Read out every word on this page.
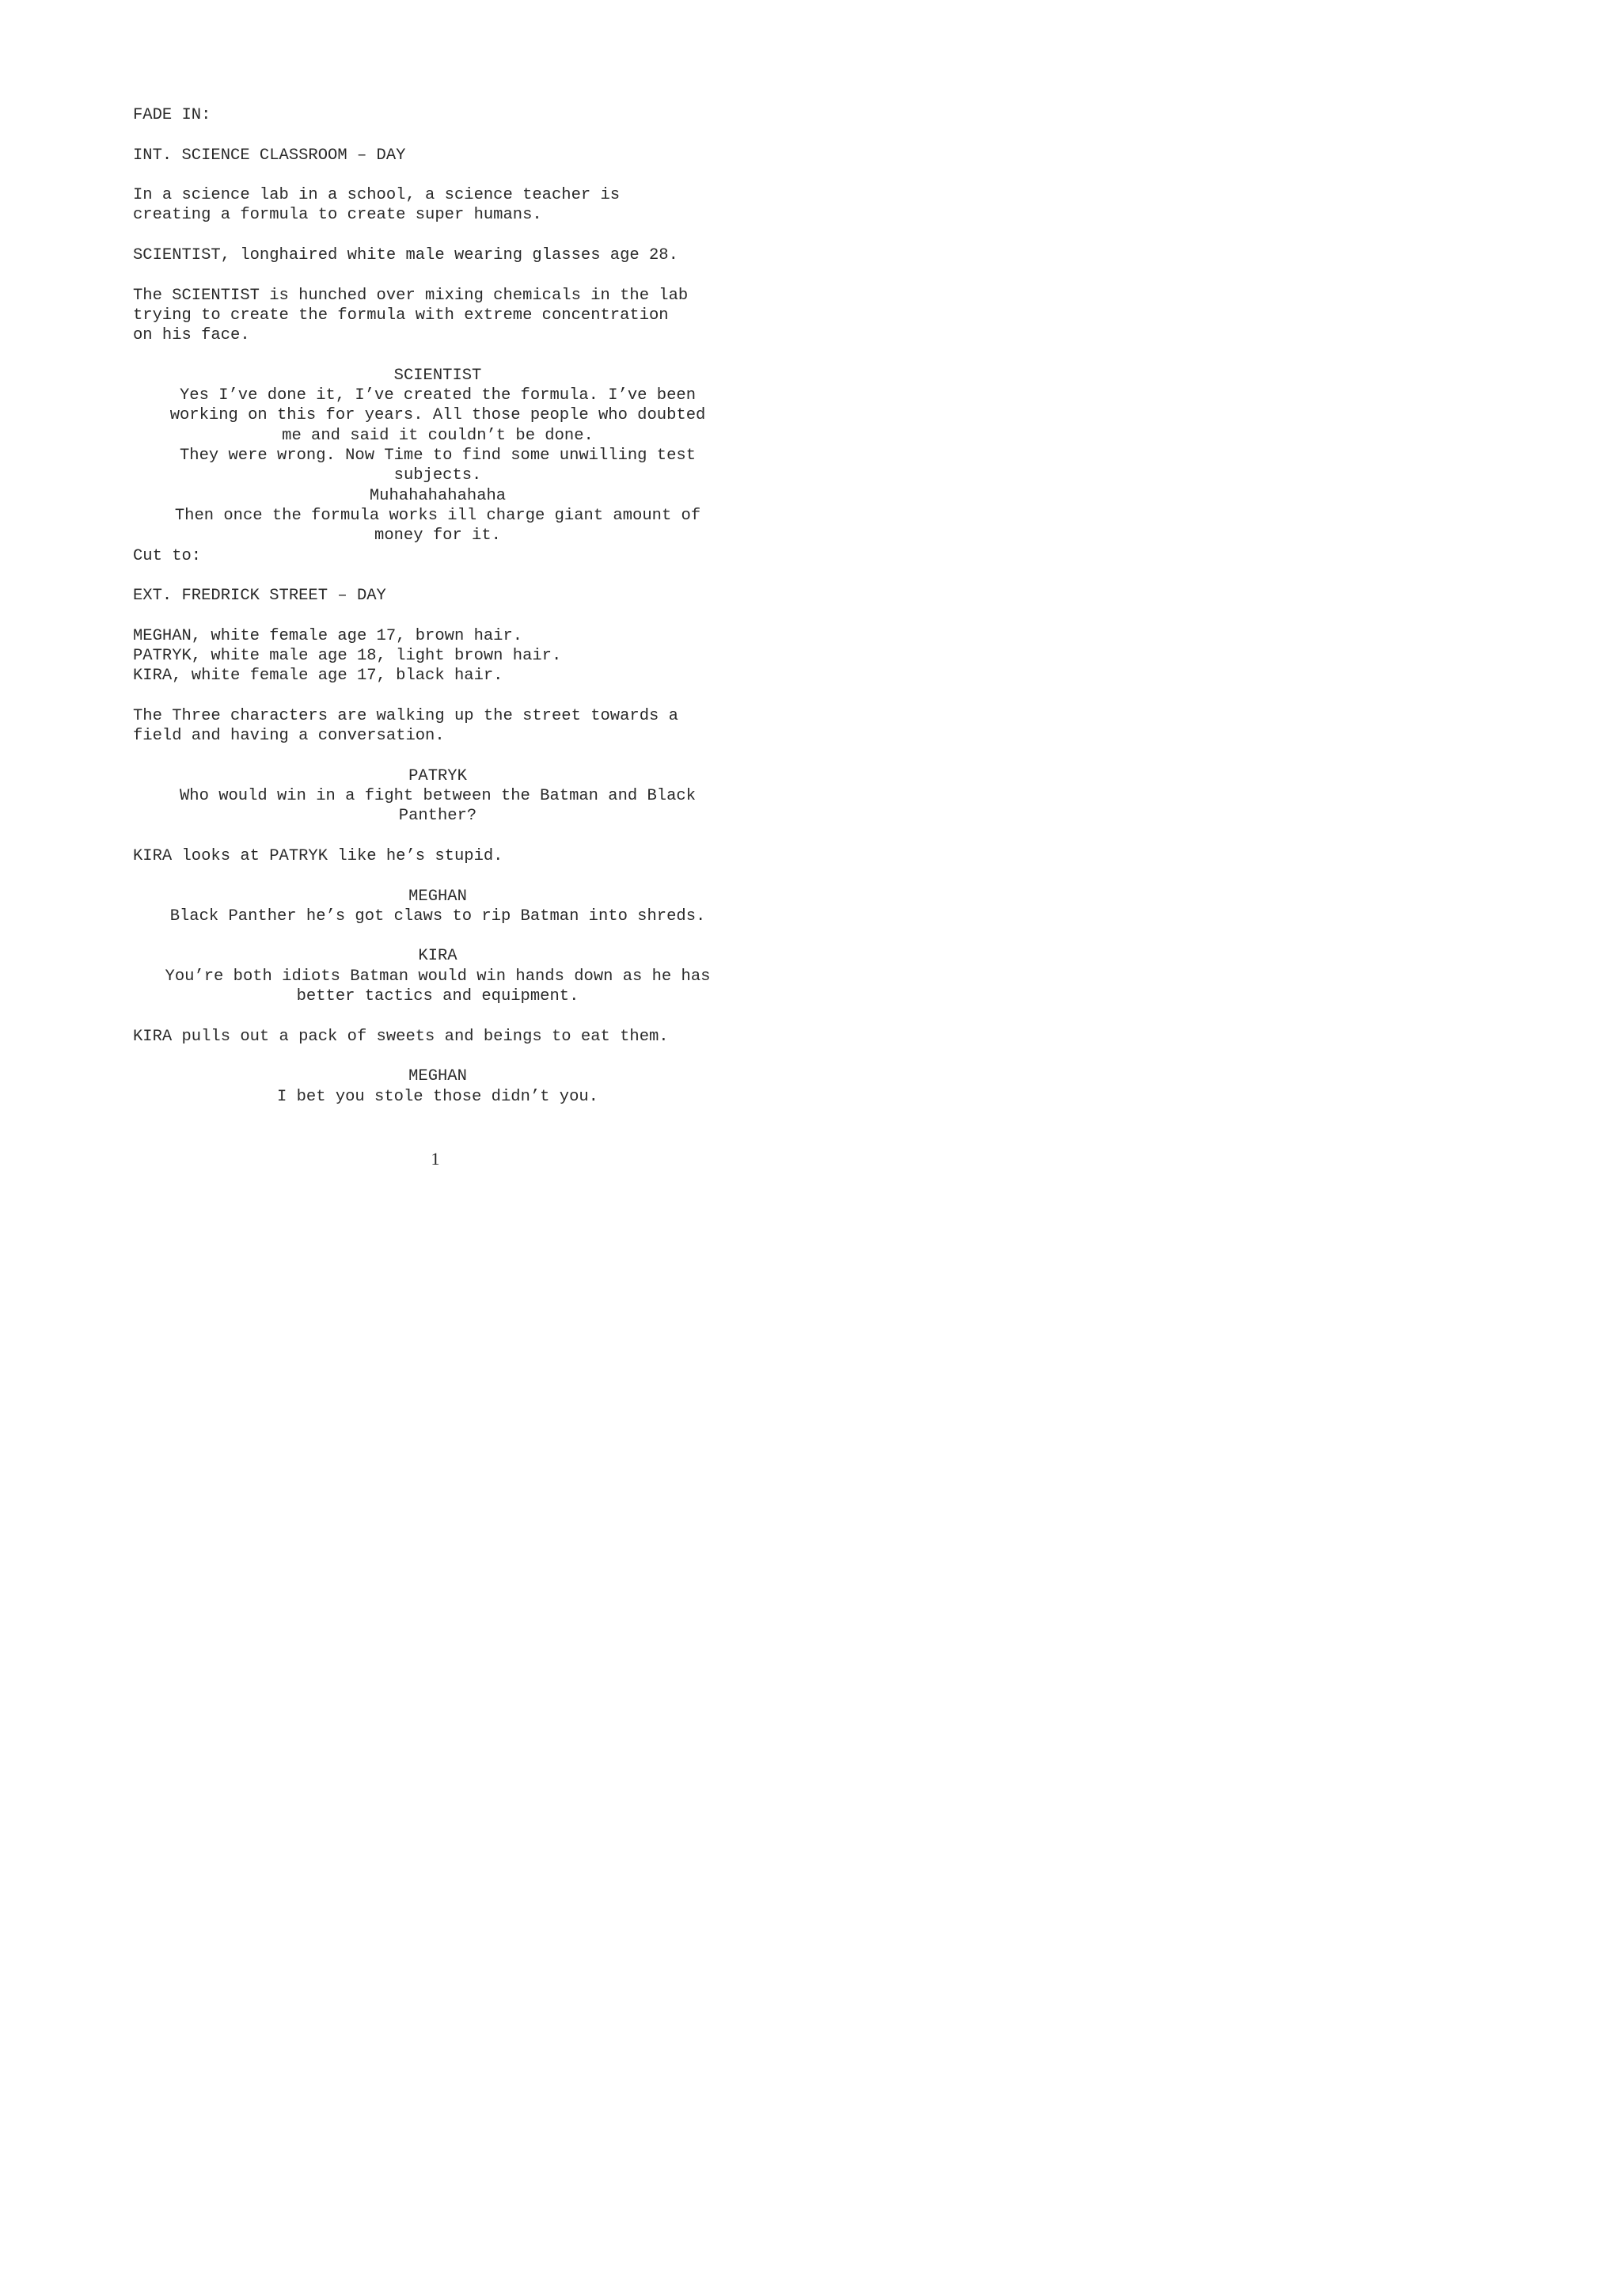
FADE IN:

INT. SCIENCE CLASSROOM – DAY

In a science lab in a school, a science teacher is

creating a formula to create super humans.

SCIENTIST, longhaired white male wearing glasses age 28.

The SCIENTIST is hunched over mixing chemicals in the lab

trying to create the formula with extreme concentration

on his face.

SCIENTIST

Yes I’ve done it, I’ve created the formula. I’ve been

working on this for years. All those people who doubted

me and said it couldn’t be done.

They were wrong. Now Time to find some unwilling test

subjects.

Muhahahahahaha

Then once the formula works ill charge giant amount of

money for it.

Cut to:

EXT. FREDRICK STREET – DAY

MEGHAN, white female age 17, brown hair.

PATRYK, white male age 18, light brown hair.

KIRA, white female age 17, black hair.

The Three characters are walking up the street towards a

field and having a conversation.

PATRYK

Who would win in a fight between the Batman and Black

Panther?

KIRA looks at PATRYK like he’s stupid.

MEGHAN

Black Panther he’s got claws to rip Batman into shreds.

KIRA

You’re both idiots Batman would win hands down as he has

better tactics and equipment.

KIRA pulls out a pack of sweets and beings to eat them.

MEGHAN

I bet you stole those didn’t you.

1
